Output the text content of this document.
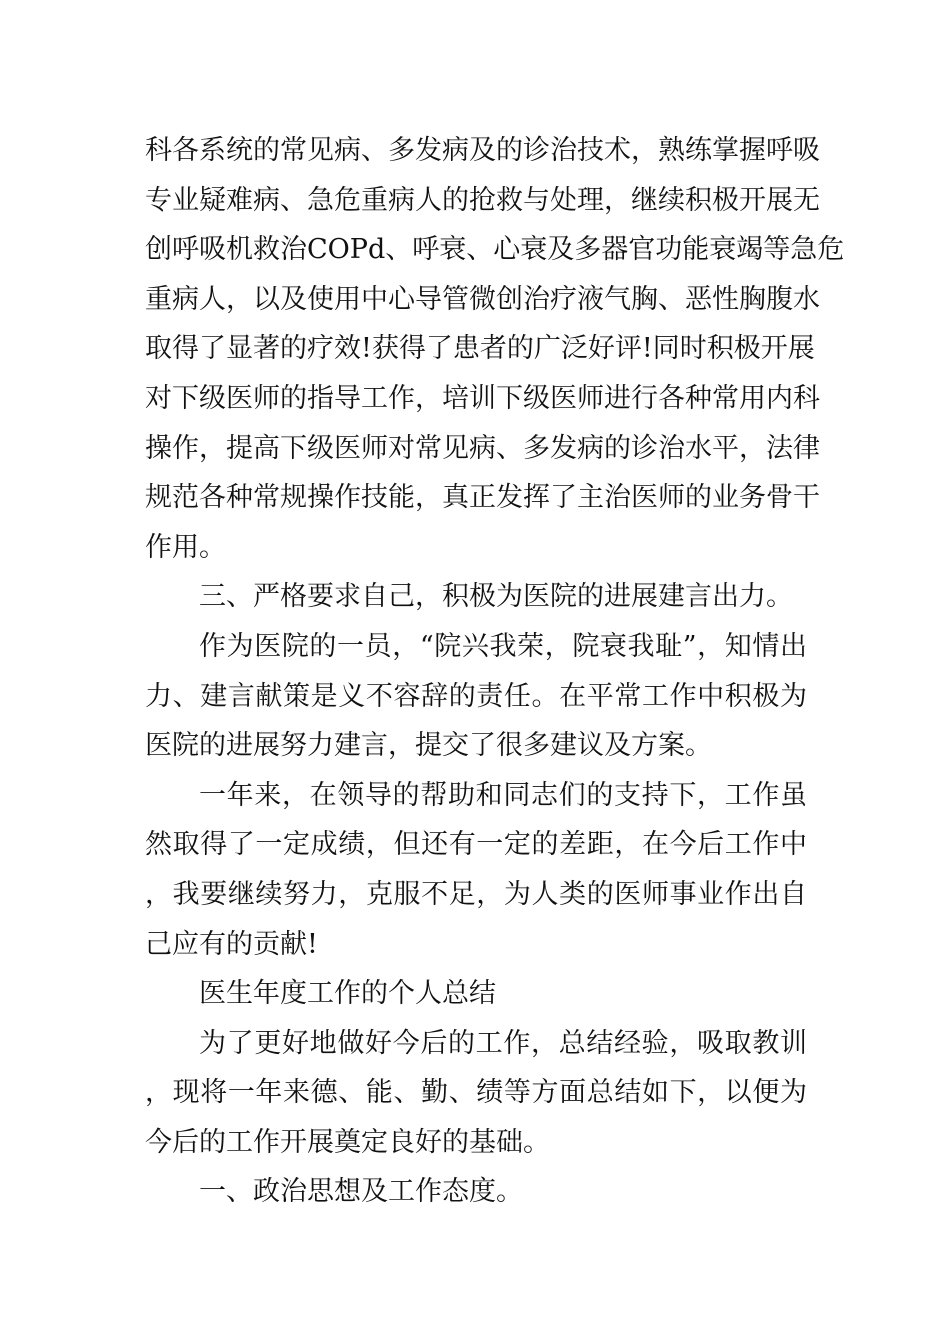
科各系统的常见病、多发病及的诊治技术，熟练掌握呼吸

专业疑难病、急危重病人的抢救与处理，继续积极开展无

创呼吸机救治COPd、呼衰、心衰及多器官功能衰竭等急危

重病人，以及使用中心导管微创治疗液气胸、恶性胸腹水

取得了显著的疗效!获得了患者的广泛好评!同时积极开展

对下级医师的指导工作，培训下级医师进行各种常用内科

操作，提高下级医师对常见病、多发病的诊治水平，法律

规范各种常规操作技能，真正发挥了主治医师的业务骨干

作用。

三、严格要求自己，积极为医院的进展建言出力。

作为医院的一员，“院兴我荣，院衰我耻”，知情出力、建言献策是义不容辞的责任。在平常工作中积极为医院的进展努力建言，提交了很多建议及方案。

一年来，在领导的帮助和同志们的支持下，工作虽然取得了一定成绩，但还有一定的差距，在今后工作中，我要继续努力，克服不足，为人类的医师事业作出自己应有的贡献!

医生年度工作的个人总结

为了更好地做好今后的工作，总结经验，吸取教训，现将一年来德、能、勤、绩等方面总结如下，以便为今后的工作开展奠定良好的基础。

一、政治思想及工作态度。
